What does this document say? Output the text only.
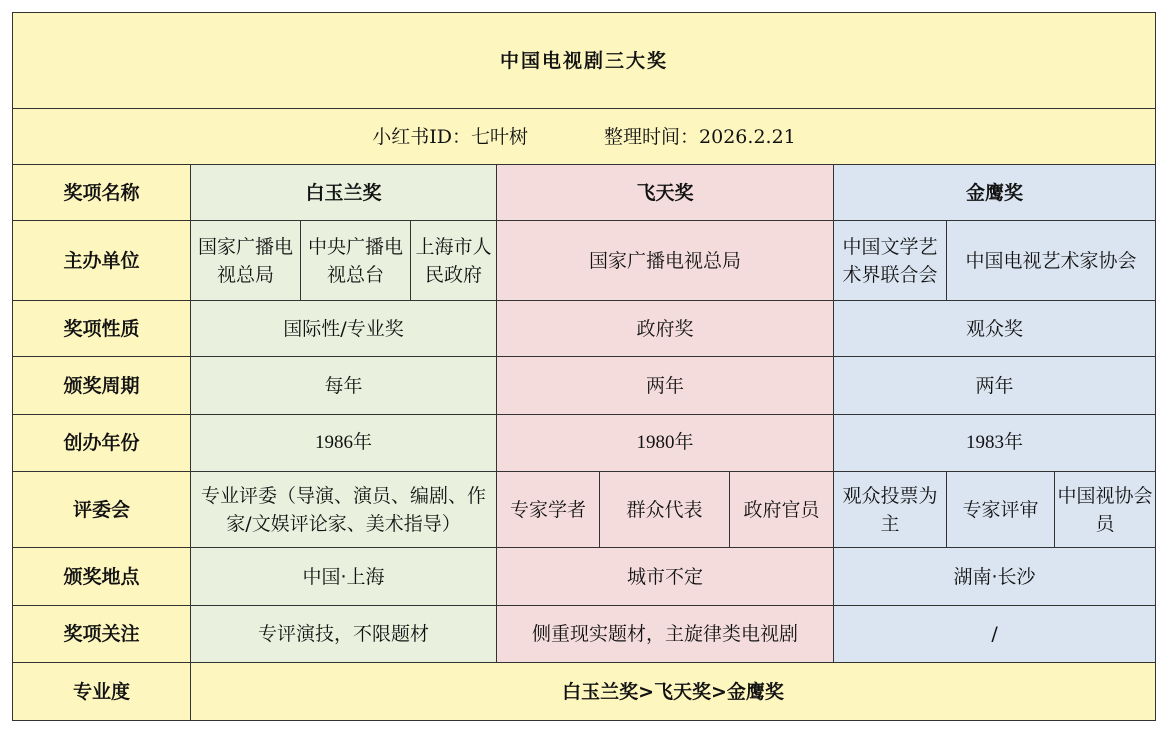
中国电视剧三大奖									
小红书ID：七叶树 整理时间：2026.2.21									
奖项名称	白玉兰奖			飞天奖			金鹰奖		
主办单位	国家广播电视总局	中央广播电视总台	上海市人民政府	国家广播电视总局			中国文学艺术界联合会	中国电视艺术家协会	
奖项性质	国际性/专业奖			政府奖			观众奖		
颁奖周期	每年			两年			两年		
创办年份	1986年			1980年			1983年		
评委会	专业评委（导演、演员、编剧、作家/文娱评论家、美术指导）			专家学者	群众代表	政府官员	观众投票为主	专家评审	中国视协会员
颁奖地点	中国·上海			城市不定			湖南·长沙		
奖项关注	专评演技，不限题材			侧重现实题材，主旋律类电视剧			/		
专业度	白玉兰奖>飞天奖>金鹰奖								
